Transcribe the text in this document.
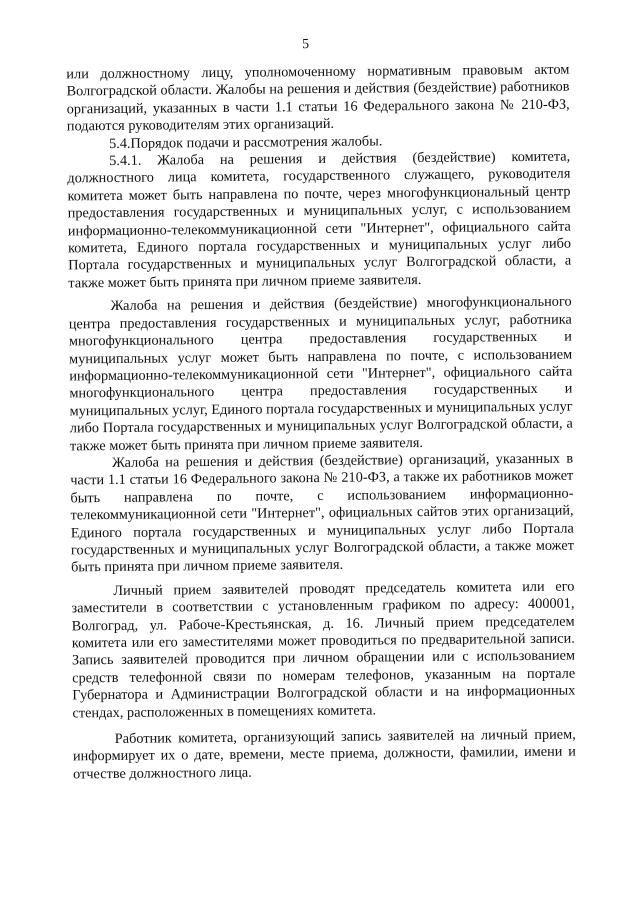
5

или должностному лицу, уполномоченному нормативным правовым актом Волгоградской области. Жалобы на решения и действия (бездействие) работников организаций, указанных в части 1.1 статьи 16 Федерального закона № 210-ФЗ, подаются руководителям этих организаций.

5.4.Порядок подачи и рассмотрения жалобы.

5.4.1. Жалоба на решения и действия (бездействие) комитета, должностного лица комитета, государственного служащего, руководителя комитета может быть направлена по почте, через многофункциональный центр предоставления государственных и муниципальных услуг, с использованием информационно-телекоммуникационной сети "Интернет", официального сайта комитета, Единого портала государственных и муниципальных услуг либо Портала государственных и муниципальных услуг Волгоградской области, а также может быть принята при личном приеме заявителя.

Жалоба на решения и действия (бездействие) многофункционального центра предоставления государственных и муниципальных услуг, работника многофункционального центра предоставления государственных и муниципальных услуг может быть направлена по почте, с использованием информационно-телекоммуникационной сети "Интернет", официального сайта многофункционального центра предоставления государственных и муниципальных услуг, Единого портала государственных и муниципальных услуг либо Портала государственных и муниципальных услуг Волгоградской области, а также может быть принята при личном приеме заявителя.

Жалоба на решения и действия (бездействие) организаций, указанных в части 1.1 статьи 16 Федерального закона № 210-ФЗ, а также их работников может быть направлена по почте, с использованием информационно-телекоммуникационной сети "Интернет", официальных сайтов этих организаций, Единого портала государственных и муниципальных услуг либо Портала государственных и муниципальных услуг Волгоградской области, а также может быть принята при личном приеме заявителя.

Личный прием заявителей проводят председатель комитета или его заместители в соответствии с установленным графиком по адресу: 400001, Волгоград, ул. Рабоче-Крестьянская, д. 16. Личный прием председателем комитета или его заместителями может проводиться по предварительной записи. Запись заявителей проводится при личном обращении или с использованием средств телефонной связи по номерам телефонов, указанным на портале Губернатора и Администрации Волгоградской области и на информационных стендах, расположенных в помещениях комитета.

Работник комитета, организующий запись заявителей на личный прием, информирует их о дате, времени, месте приема, должности, фамилии, имени и отчестве должностного лица.
